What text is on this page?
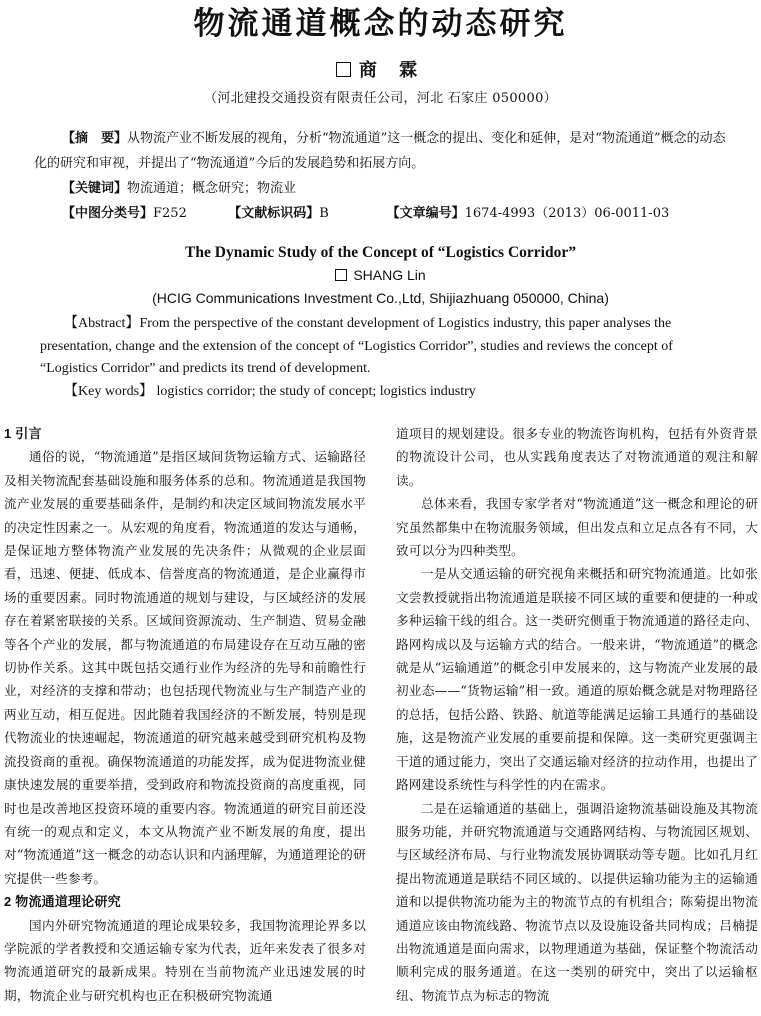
物流通道概念的动态研究
商 霖
（河北建投交通投资有限责任公司，河北 石家庄 050000）

【摘　要】从物流产业不断发展的视角，分析“物流通道”这一概念的提出、变化和延伸，是对“物流通道”概念的动态化的研究和审视，并提出了“物流通道”今后的发展趋势和拓展方向。

【关键词】物流通道；概念研究；物流业

【中图分类号】F252	【文献标识码】B	【文章编号】1674-4993（2013）06-0011-03

The Dynamic Study of the Concept of “Logistics Corridor”
SHANG Lin
(HCIG Communications Investment Co.,Ltd, Shijiazhuang 050000, China)

【Abstract】From the perspective of the constant development of Logistics industry, this paper analyses the presentation, change and the extension of the concept of “Logistics Corridor”, studies and reviews the concept of “Logistics Corridor” and predicts its trend of development.

【Key words】 logistics corridor; the study of concept; logistics industry

1 引言

通俗的说，“物流通道”是指区域间货物运输方式、运输路径及相关物流配套基础设施和服务体系的总和。物流通道是我国物流产业发展的重要基础条件，是制约和决定区域间物流发展水平的决定性因素之一。从宏观的角度看，物流通道的发达与通畅，是保证地方整体物流产业发展的先决条件；从微观的企业层面看，迅速、便捷、低成本、信誉度高的物流通道，是企业赢得市场的重要因素。同时物流通道的规划与建设，与区域经济的发展存在着紧密联接的关系。区域间资源流动、生产制造、贸易金融等各个产业的发展，都与物流通道的布局建设存在互动互融的密切协作关系。这其中既包括交通行业作为经济的先导和前瞻性行业，对经济的支撑和带动；也包括现代物流业与生产制造产业的两业互动，相互促进。因此随着我国经济的不断发展，特别是现代物流业的快速崛起，物流通道的研究越来越受到研究机构及物流投资商的重视。确保物流通道的功能发挥，成为促进物流业健康快速发展的重要举措，受到政府和物流投资商的高度重视，同时也是改善地区投资环境的重要内容。物流通道的研究目前还没有统一的观点和定义，本文从物流产业不断发展的角度，提出对“物流通道”这一概念的动态认识和内涵理解，为通道理论的研究提供一些参考。

2 物流通道理论研究

国内外研究物流通道的理论成果较多，我国物流理论界多以学院派的学者教授和交通运输专家为代表，近年来发表了很多对物流通道研究的最新成果。特别在当前物流产业迅速发展的时期，物流企业与研究机构也正在积极研究物流通

道项目的规划建设。很多专业的物流咨询机构，包括有外资背景的物流设计公司，也从实践角度表达了对物流通道的观注和解读。

总体来看，我国专家学者对“物流通道”这一概念和理论的研究虽然都集中在物流服务领域，但出发点和立足点各有不同，大致可以分为四种类型。

一是从交通运输的研究视角来概括和研究物流通道。比如张文尝教授就指出物流通道是联接不同区域的重要和便捷的一种或多种运输干线的组合。这一类研究侧重于物流通道的路径走向、路网构成以及与运输方式的结合。一般来讲，“物流通道”的概念就是从“运输通道”的概念引申发展来的，这与物流产业发展的最初业态——“货物运输”相一致。通道的原始概念就是对物理路径的总括，包括公路、铁路、航道等能满足运输工具通行的基础设施，这是物流产业发展的重要前提和保障。这一类研究更强调主干道的通过能力，突出了交通运输对经济的拉动作用，也提出了路网建设系统性与科学性的内在需求。

二是在运输通道的基础上，强调沿途物流基础设施及其物流服务功能，并研究物流通道与交通路网结构、与物流园区规划、与区域经济布局、与行业物流发展协调联动等专题。比如孔月红提出物流通道是联结不同区域的、以提供运输功能为主的运输通道和以提供物流功能为主的物流节点的有机组合；陈菊提出物流通道应该由物流线路、物流节点以及设施设备共同构成；吕楠提出物流通道是面向需求，以物理通道为基础，保证整个物流活动顺利完成的服务通道。在这一类别的研究中，突出了以运输枢纽、物流节点为标志的物流
